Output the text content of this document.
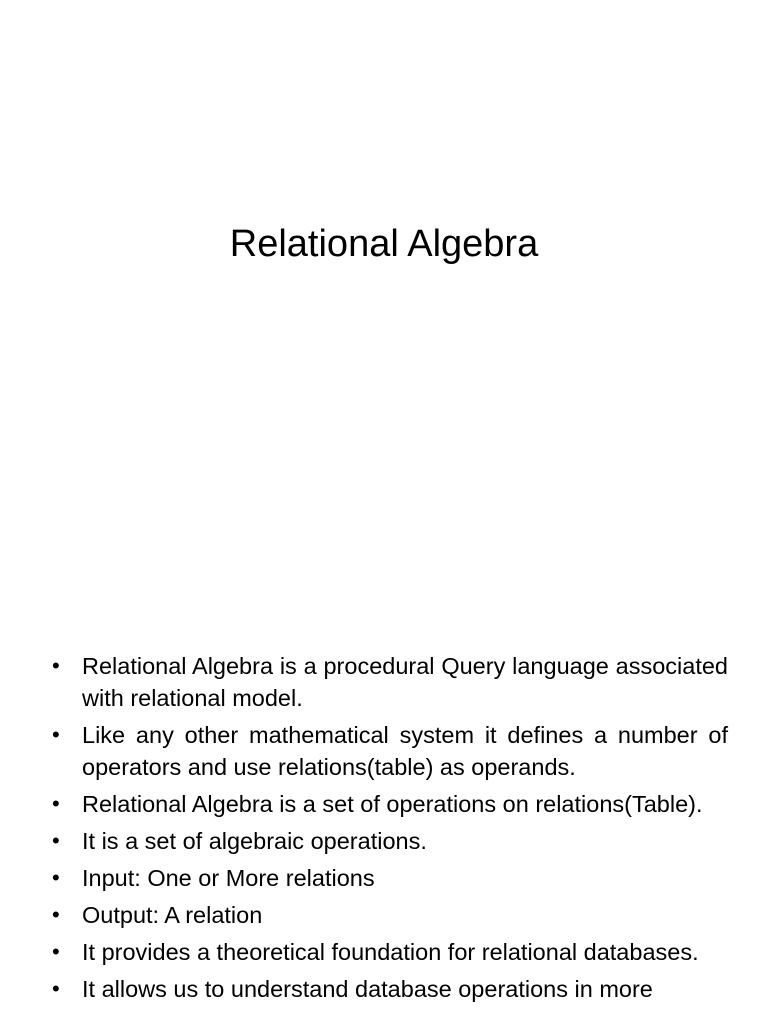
Relational Algebra
• Relational Algebra is a procedural Query language associated with relational model.
• Like any other mathematical system it defines a number of operators and use relations(table) as operands.
• Relational Algebra is a set of operations on relations(Table).
• It is a set of algebraic operations.
• Input: One or More relations
• Output: A relation
• It provides a theoretical foundation for relational databases.
• It allows us to understand database operations in more
